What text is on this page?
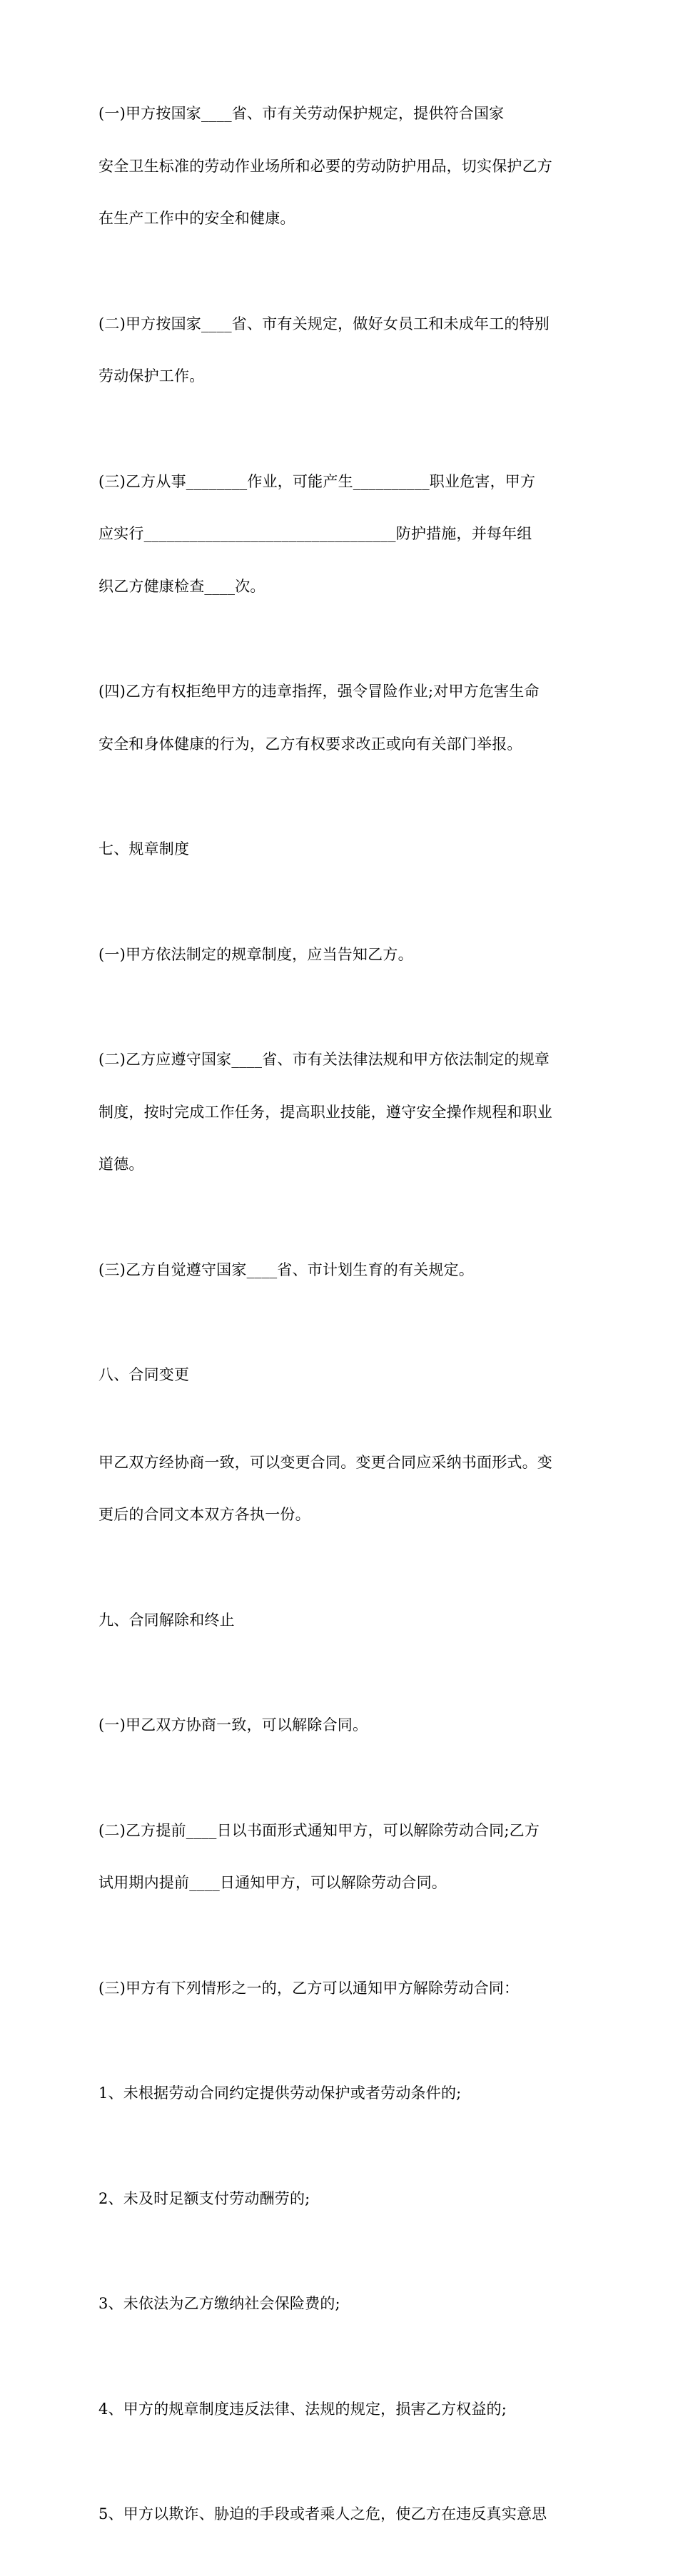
(一)甲方按国家____省、市有关劳动保护规定，提供符合国家

安全卫生标准的劳动作业场所和必要的劳动防护用品，切实保护乙方

在生产工作中的安全和健康。

(二)甲方按国家____省、市有关规定，做好女员工和未成年工的特别

劳动保护工作。

(三)乙方从事________作业，可能产生__________职业危害，甲方

应实行_________________________________防护措施，并每年组

织乙方健康检查____次。

(四)乙方有权拒绝甲方的违章指挥，强令冒险作业;对甲方危害生命

安全和身体健康的行为，乙方有权要求改正或向有关部门举报。

七、规章制度

(一)甲方依法制定的规章制度，应当告知乙方。

(二)乙方应遵守国家____省、市有关法律法规和甲方依法制定的规章

制度，按时完成工作任务，提高职业技能，遵守安全操作规程和职业

道德。

(三)乙方自觉遵守国家____省、市计划生育的有关规定。

八、合同变更

甲乙双方经协商一致，可以变更合同。变更合同应采纳书面形式。变

更后的合同文本双方各执一份。

九、合同解除和终止

(一)甲乙双方协商一致，可以解除合同。

(二)乙方提前____日以书面形式通知甲方，可以解除劳动合同;乙方

试用期内提前____日通知甲方，可以解除劳动合同。

(三)甲方有下列情形之一的，乙方可以通知甲方解除劳动合同：

1、未根据劳动合同约定提供劳动保护或者劳动条件的;

2、未及时足额支付劳动酬劳的;

3、未依法为乙方缴纳社会保险费的;

4、甲方的规章制度违反法律、法规的规定，损害乙方权益的;

5、甲方以欺诈、胁迫的手段或者乘人之危，使乙方在违反真实意思
